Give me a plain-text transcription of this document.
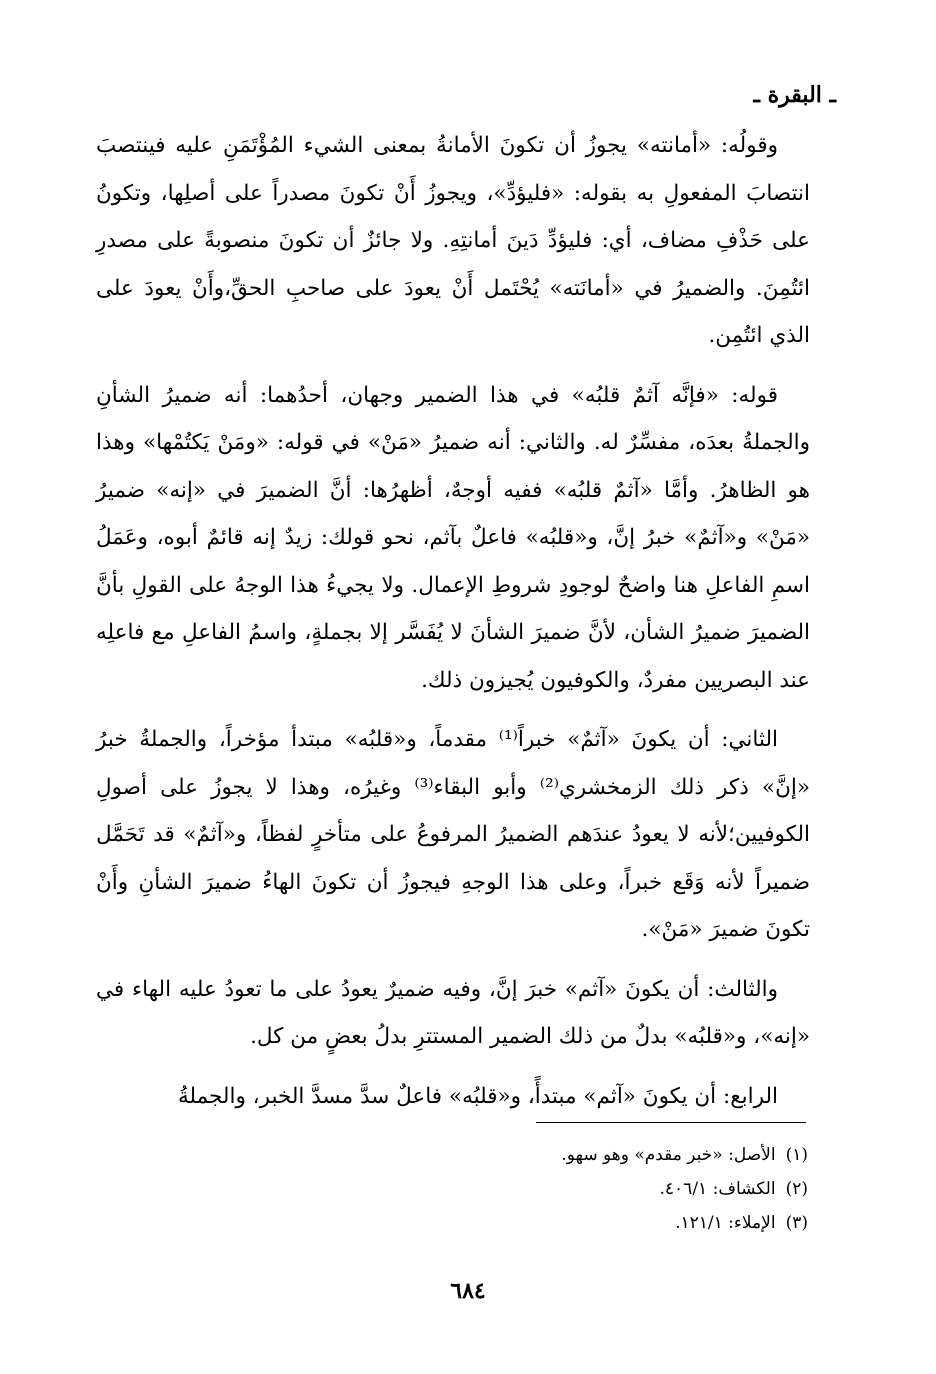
ـ البقرة ـ

وقولُه: «أمانته» يجوزُ أن تكونَ الأمانةُ بمعنى الشيء المُؤْتَمَنِ عليه فينتصبَ انتصابَ المفعولِ به بقوله: «فليؤدِّ»، ويجوزُ أَنْ تكونَ مصدراً على أصلِها، وتكونُ على حَذْفِ مضاف، أي: فليؤدِّ دَينَ أمانتِهِ. ولا جائزٌ أن تكونَ منصوبةً على مصدرِ ائتُمِنَ. والضميرُ في «أمانَته» يُحْتَمل أَنْ يعودَ على صاحبِ الحقِّ،وأَنْ يعودَ على الذي ائتُمِن.

قوله: «فإنَّه آثمٌ قلبُه» في هذا الضمير وجهان، أحدُهما: أنه ضميرُ الشأنِ والجملةُ بعدَه، مفسِّرٌ له. والثاني: أنه ضميرُ «مَنْ» في قوله: «ومَنْ يَكتُمْها» وهذا هو الظاهرُ. وأمَّا «آثمٌ قلبُه» ففيه أوجهٌ، أظهرُها: أنَّ الضميرَ في «إنه» ضميرُ «مَنْ» و«آثمٌ» خبرُ إنَّ، و«قلبُه» فاعلٌ بآثم، نحو قولك: زيدٌ إنه قائمٌ أبوه، وعَمَلُ اسمِ الفاعلِ هنا واضحٌ لوجودِ شروطِ الإعمال. ولا يجيءُ هذا الوجهُ على القولِ بأنَّ الضميرَ ضميرُ الشأن، لأنَّ ضميرَ الشأنَ لا يُفَسَّر إلا بجملةٍ، واسمُ الفاعلِ مع فاعلِه عند البصريين مفردٌ، والكوفيون يُجيزون ذلك.

الثاني: أن يكونَ «آثمٌ» خبراً⁽¹⁾ مقدماً، و«قلبُه» مبتدأ مؤخراً، والجملةُ خبرُ «إنَّ» ذكر ذلك الزمخشري⁽²⁾ وأبو البقاء⁽³⁾ وغيرُه، وهذا لا يجوزُ على أصولِ الكوفيين؛لأنه لا يعودُ عندَهم الضميرُ المرفوعُ على متأخرٍ لفظاً، و«آثمٌ» قد تَحَمَّل ضميراً لأنه وَقَع خبراً، وعلى هذا الوجهِ فيجوزُ أن تكونَ الهاءُ ضميرَ الشأنِ وأَنْ تكونَ ضميرَ «مَنْ».

والثالث: أن يكونَ «آثم» خبرَ إنَّ، وفيه ضميرٌ يعودُ على ما تعودُ عليه الهاء في «إنه»، و«قلبُه» بدلٌ من ذلك الضمير المستترِ بدلُ بعضٍ من كل.

الرابع: أن يكونَ «آثم» مبتدأً، و«قلبُه» فاعلٌ سدَّ مسدَّ الخبر، والجملةُ

(١)الأصل: «خبر مقدم» وهو سهو.
(٢)الكشاف: ٤٠٦/١.
(٣)الإملاء: ١٢١/١.
٦٨٤
